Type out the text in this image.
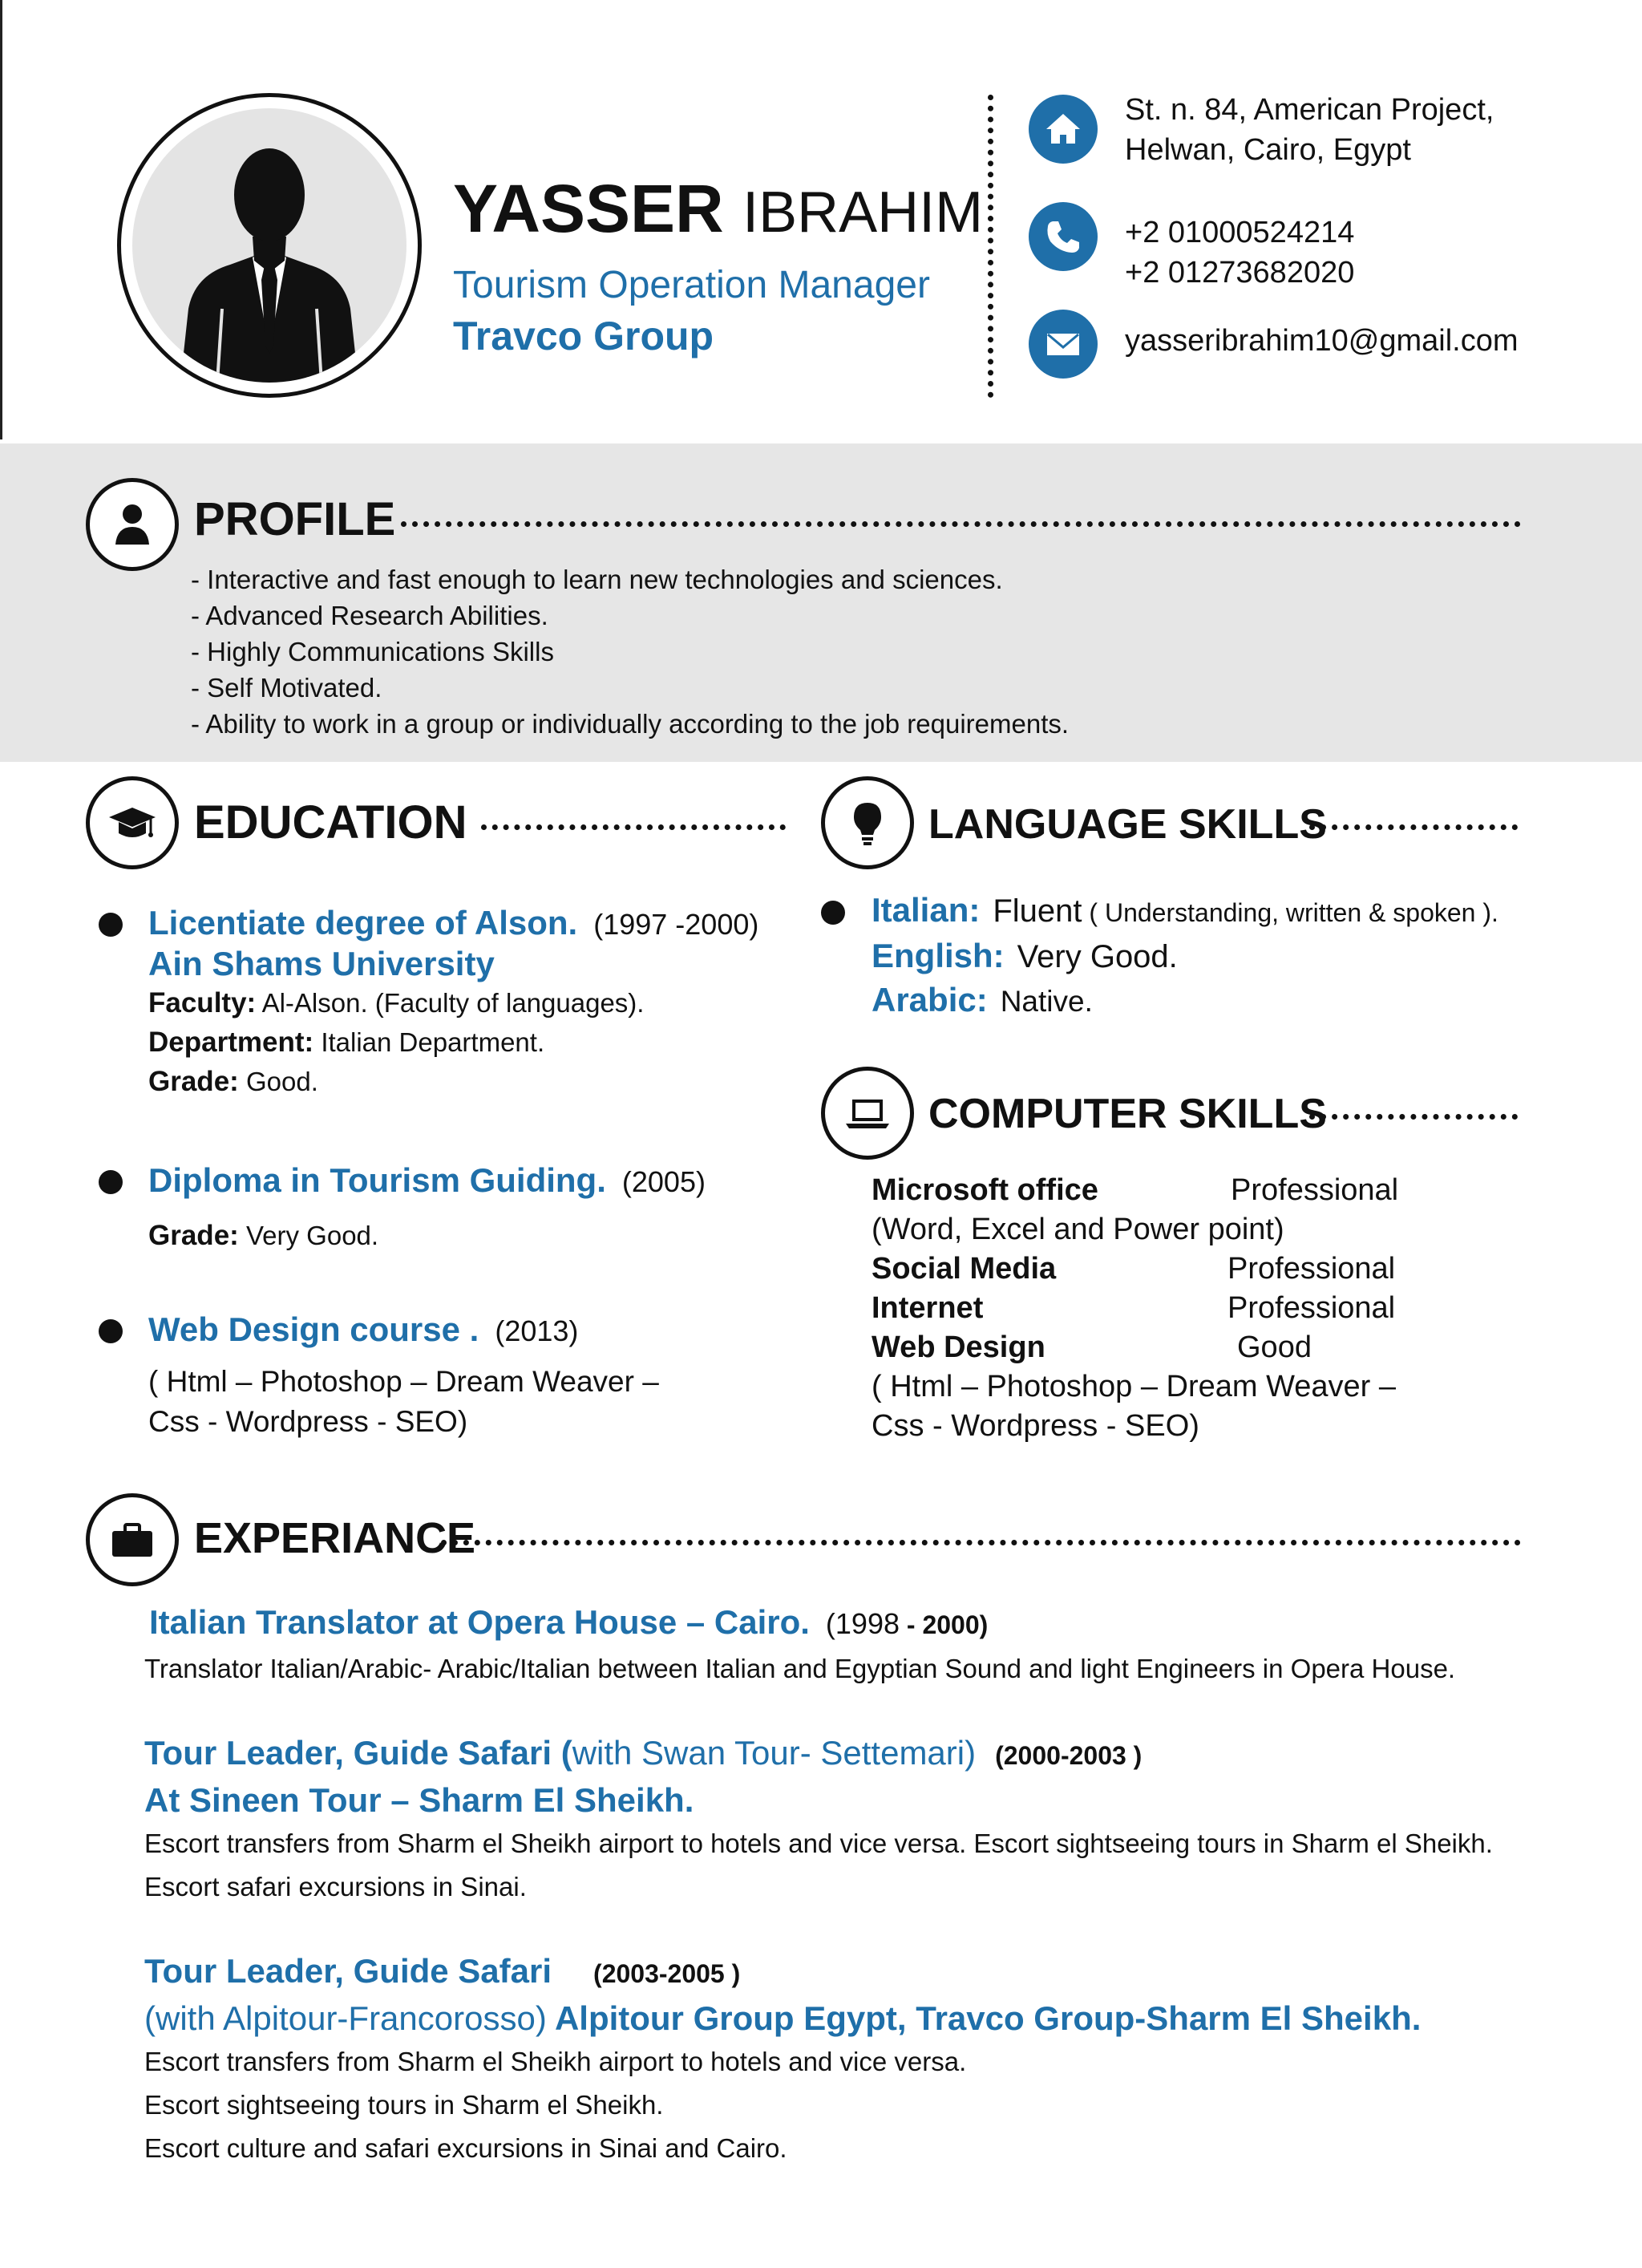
YASSER IBRAHIM
Tourism Operation Manager
Travco Group
St. n. 84, American Project,
Helwan, Cairo, Egypt
+2 01000524214
+2 01273682020
yasseribrahim10@gmail.com
PROFILE
- Interactive and fast enough to learn new technologies and sciences.
- Advanced Research Abilities.
- Highly Communications Skills
- Self Motivated.
- Ability to work in a group or individually according to the job requirements.
EDUCATION
Licentiate degree of Alson. (1997 -2000)
Ain Shams University
Faculty: Al-Alson. (Faculty of languages).
Department: Italian Department.
Grade: Good.
Diploma in Tourism Guiding. (2005)
Grade: Very Good.
Web Design course . (2013)
( Html – Photoshop – Dream Weaver –
Css - Wordpress - SEO)
LANGUAGE SKILLS
Italian: Fluent ( Understanding, written & spoken ).
English: Very Good.
Arabic: Native.
COMPUTER SKILLS
Microsoft office	Professional
(Word, Excel and Power point)
Social Media	Professional
Internet	Professional
Web Design	Good
( Html – Photoshop – Dream Weaver –
Css - Wordpress - SEO)
EXPERIANCE
Italian Translator at Opera House – Cairo. (1998 - 2000)
Translator Italian/Arabic- Arabic/Italian between Italian and Egyptian Sound and light Engineers in Opera House.
Tour Leader, Guide Safari (with Swan Tour- Settemari) (2000-2003 )
At Sineen Tour – Sharm El Sheikh.
Escort transfers from Sharm el Sheikh airport to hotels and vice versa. Escort sightseeing tours in Sharm el Sheikh.
Escort safari excursions in Sinai.
Tour Leader, Guide Safari (2003-2005 )
(with Alpitour-Francorosso) Alpitour Group Egypt, Travco Group-Sharm El Sheikh.
Escort transfers from Sharm el Sheikh airport to hotels and vice versa.
Escort sightseeing tours in Sharm el Sheikh.
Escort culture and safari excursions in Sinai and Cairo.
